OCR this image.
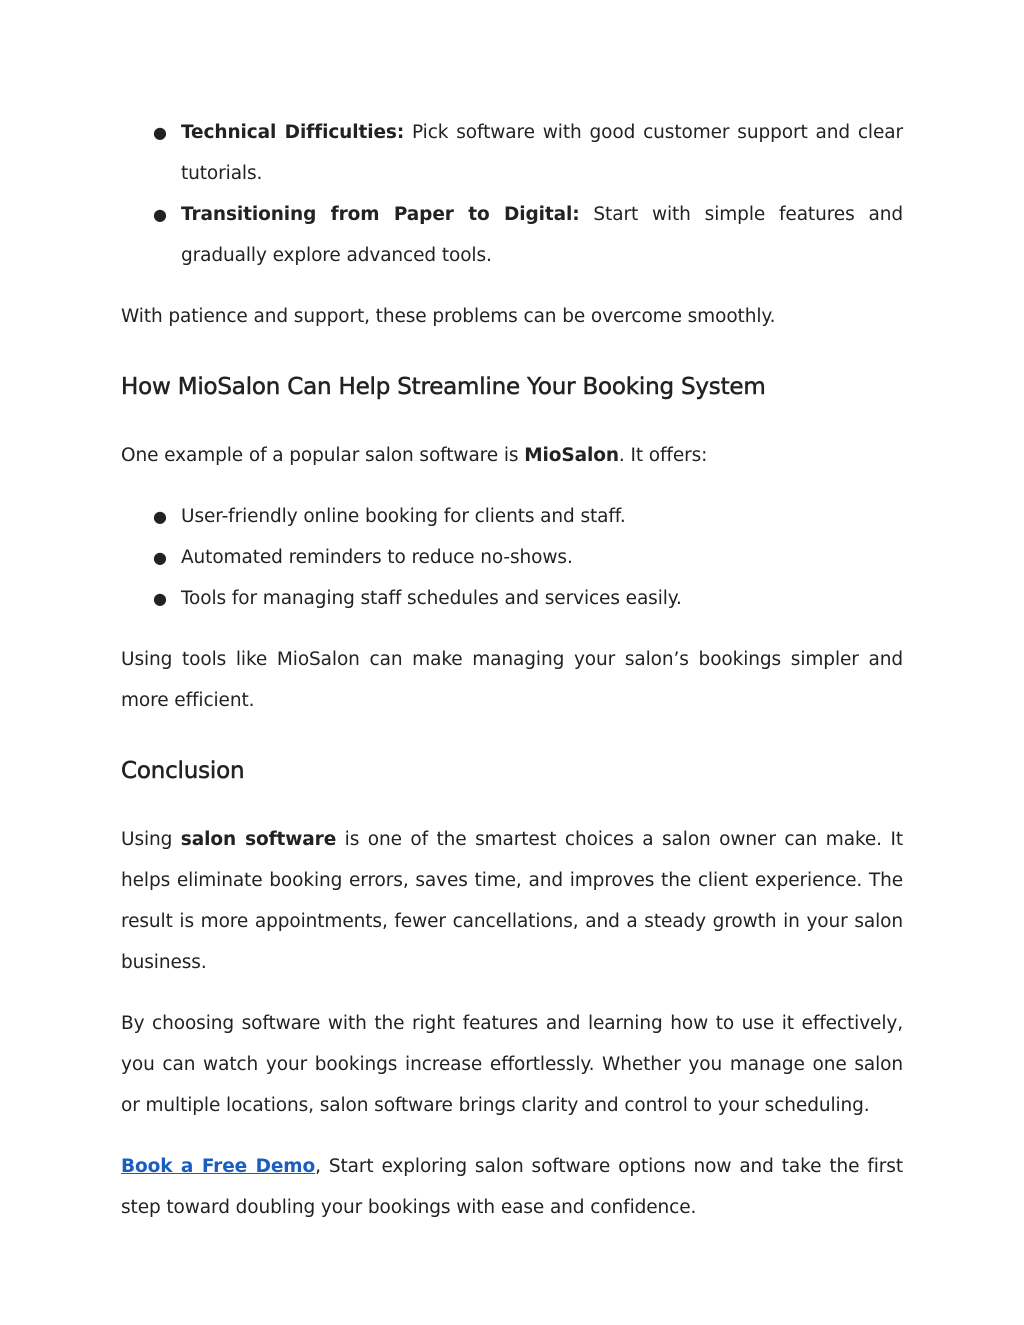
● Technical Difficulties: Pick software with good customer support and clear tutorials.
● Transitioning from Paper to Digital: Start with simple features and gradually explore advanced tools.

With patience and support, these problems can be overcome smoothly.

How MioSalon Can Help Streamline Your Booking System

One example of a popular salon software is MioSalon. It offers:

● User-friendly online booking for clients and staff.
● Automated reminders to reduce no-shows.
● Tools for managing staff schedules and services easily.

Using tools like MioSalon can make managing your salon’s bookings simpler and more efficient.

Conclusion

Using salon software is one of the smartest choices a salon owner can make. It helps eliminate booking errors, saves time, and improves the client experience. The result is more appointments, fewer cancellations, and a steady growth in your salon business.

By choosing software with the right features and learning how to use it effectively, you can watch your bookings increase effortlessly. Whether you manage one salon or multiple locations, salon software brings clarity and control to your scheduling.

Book a Free Demo, Start exploring salon software options now and take the first step toward doubling your bookings with ease and confidence.
